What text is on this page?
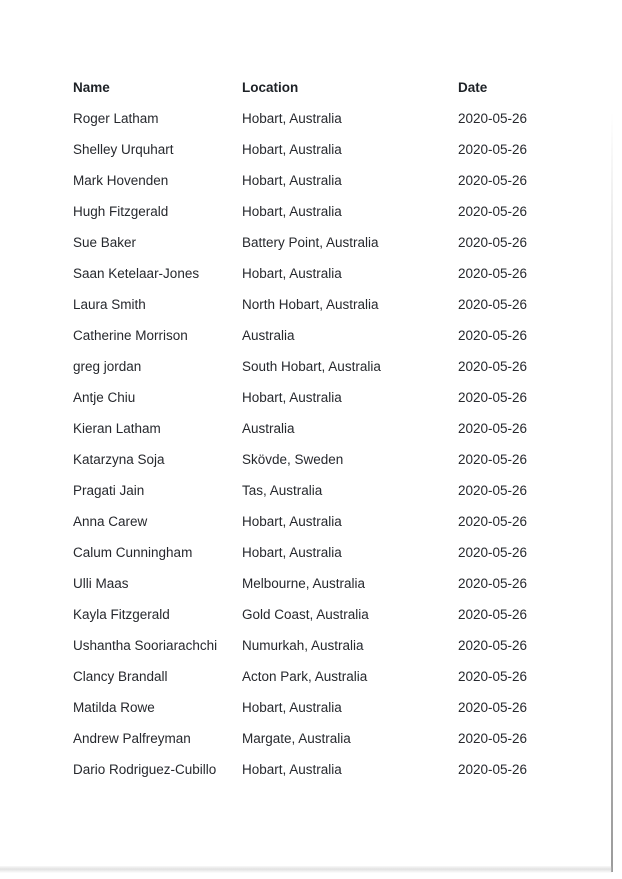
Name	Location	Date
Roger Latham	Hobart, Australia	2020-05-26
Shelley Urquhart	Hobart, Australia	2020-05-26
Mark Hovenden	Hobart, Australia	2020-05-26
Hugh Fitzgerald	Hobart, Australia	2020-05-26
Sue Baker	Battery Point, Australia	2020-05-26
Saan Ketelaar-Jones	Hobart, Australia	2020-05-26
Laura Smith	North Hobart, Australia	2020-05-26
Catherine Morrison	Australia	2020-05-26
greg jordan	South Hobart, Australia	2020-05-26
Antje Chiu	Hobart, Australia	2020-05-26
Kieran Latham	Australia	2020-05-26
Katarzyna Soja	Skövde, Sweden	2020-05-26
Pragati Jain	Tas, Australia	2020-05-26
Anna Carew	Hobart, Australia	2020-05-26
Calum Cunningham	Hobart, Australia	2020-05-26
Ulli Maas	Melbourne, Australia	2020-05-26
Kayla Fitzgerald	Gold Coast, Australia	2020-05-26
Ushantha Sooriarachchi	Numurkah, Australia	2020-05-26
Clancy Brandall	Acton Park, Australia	2020-05-26
Matilda Rowe	Hobart, Australia	2020-05-26
Andrew Palfreyman	Margate, Australia	2020-05-26
Dario Rodriguez-Cubillo	Hobart, Australia	2020-05-26
